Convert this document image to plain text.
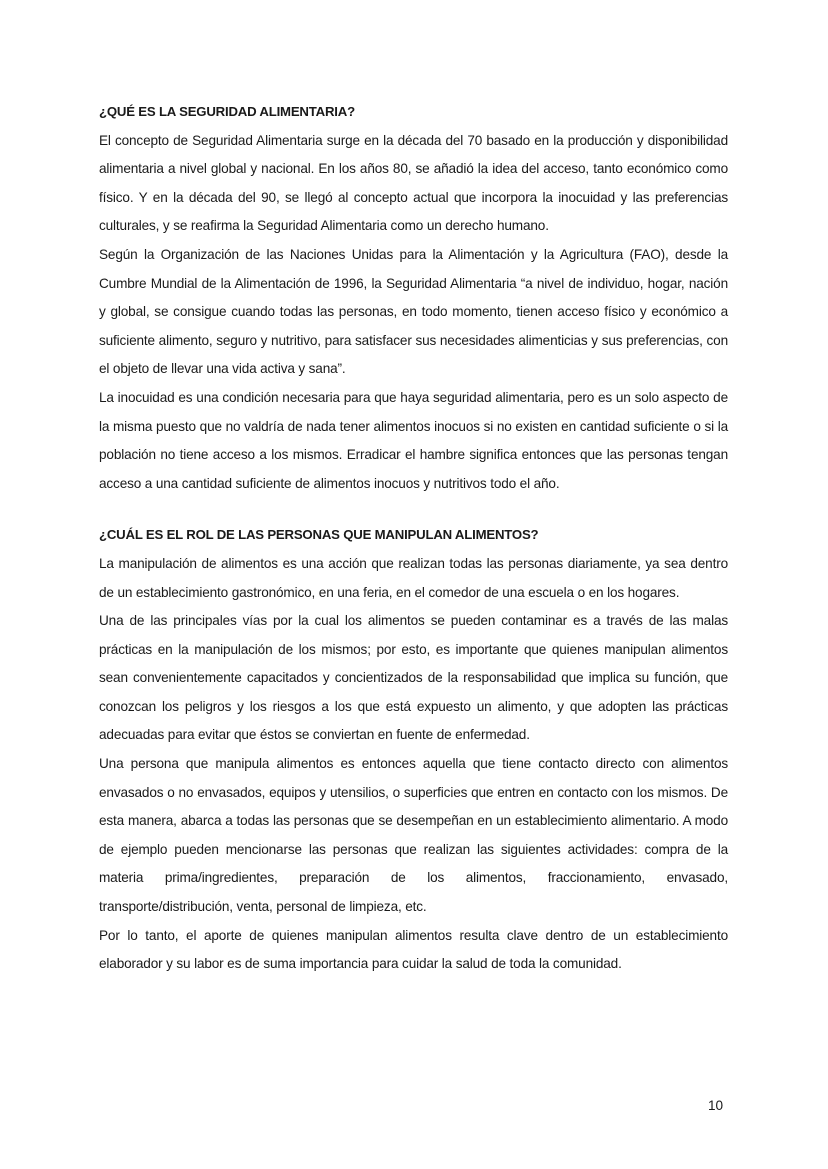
¿QUÉ ES LA SEGURIDAD ALIMENTARIA?

El concepto de Seguridad Alimentaria surge en la década del 70 basado en la producción y disponibilidad alimentaria a nivel global y nacional. En los años 80, se añadió la idea del acceso, tanto económico como físico. Y en la década del 90, se llegó al concepto actual que incorpora la inocuidad y las preferencias culturales, y se reafirma la Seguridad Alimentaria como un derecho humano.

Según la Organización de las Naciones Unidas para la Alimentación y la Agricultura (FAO), desde la Cumbre Mundial de la Alimentación de 1996, la Seguridad Alimentaria “a nivel de individuo, hogar, nación y global, se consigue cuando todas las personas, en todo momento, tienen acceso físico y económico a suficiente alimento, seguro y nutritivo, para satisfacer sus necesidades alimenticias y sus preferencias, con el objeto de llevar una vida activa y sana”.

La inocuidad es una condición necesaria para que haya seguridad alimentaria, pero es un solo aspecto de la misma puesto que no valdría de nada tener alimentos inocuos si no existen en cantidad suficiente o si la población no tiene acceso a los mismos. Erradicar el hambre significa entonces que las personas tengan acceso a una cantidad suficiente de alimentos inocuos y nutritivos todo el año.

¿CUÁL ES EL ROL DE LAS PERSONAS QUE MANIPULAN ALIMENTOS?

La manipulación de alimentos es una acción que realizan todas las personas diariamente, ya sea dentro de un establecimiento gastronómico, en una feria, en el comedor de una escuela o en los hogares.

Una de las principales vías por la cual los alimentos se pueden contaminar es a través de las malas prácticas en la manipulación de los mismos; por esto, es importante que quienes manipulan alimentos sean convenientemente capacitados y concientizados de la responsabilidad que implica su función, que conozcan los peligros y los riesgos a los que está expuesto un alimento, y que adopten las prácticas adecuadas para evitar que éstos se conviertan en fuente de enfermedad.

Una persona que manipula alimentos es entonces aquella que tiene contacto directo con alimentos envasados o no envasados, equipos y utensilios, o superficies que entren en contacto con los mismos. De esta manera, abarca a todas las personas que se desempeñan en un establecimiento alimentario. A modo de ejemplo pueden mencionarse las personas que realizan las siguientes actividades: compra de la materia prima/ingredientes, preparación de los alimentos, fraccionamiento, envasado, transporte/distribución, venta, personal de limpieza, etc.

Por lo tanto, el aporte de quienes manipulan alimentos resulta clave dentro de un establecimiento elaborador y su labor es de suma importancia para cuidar la salud de toda la comunidad.

10
